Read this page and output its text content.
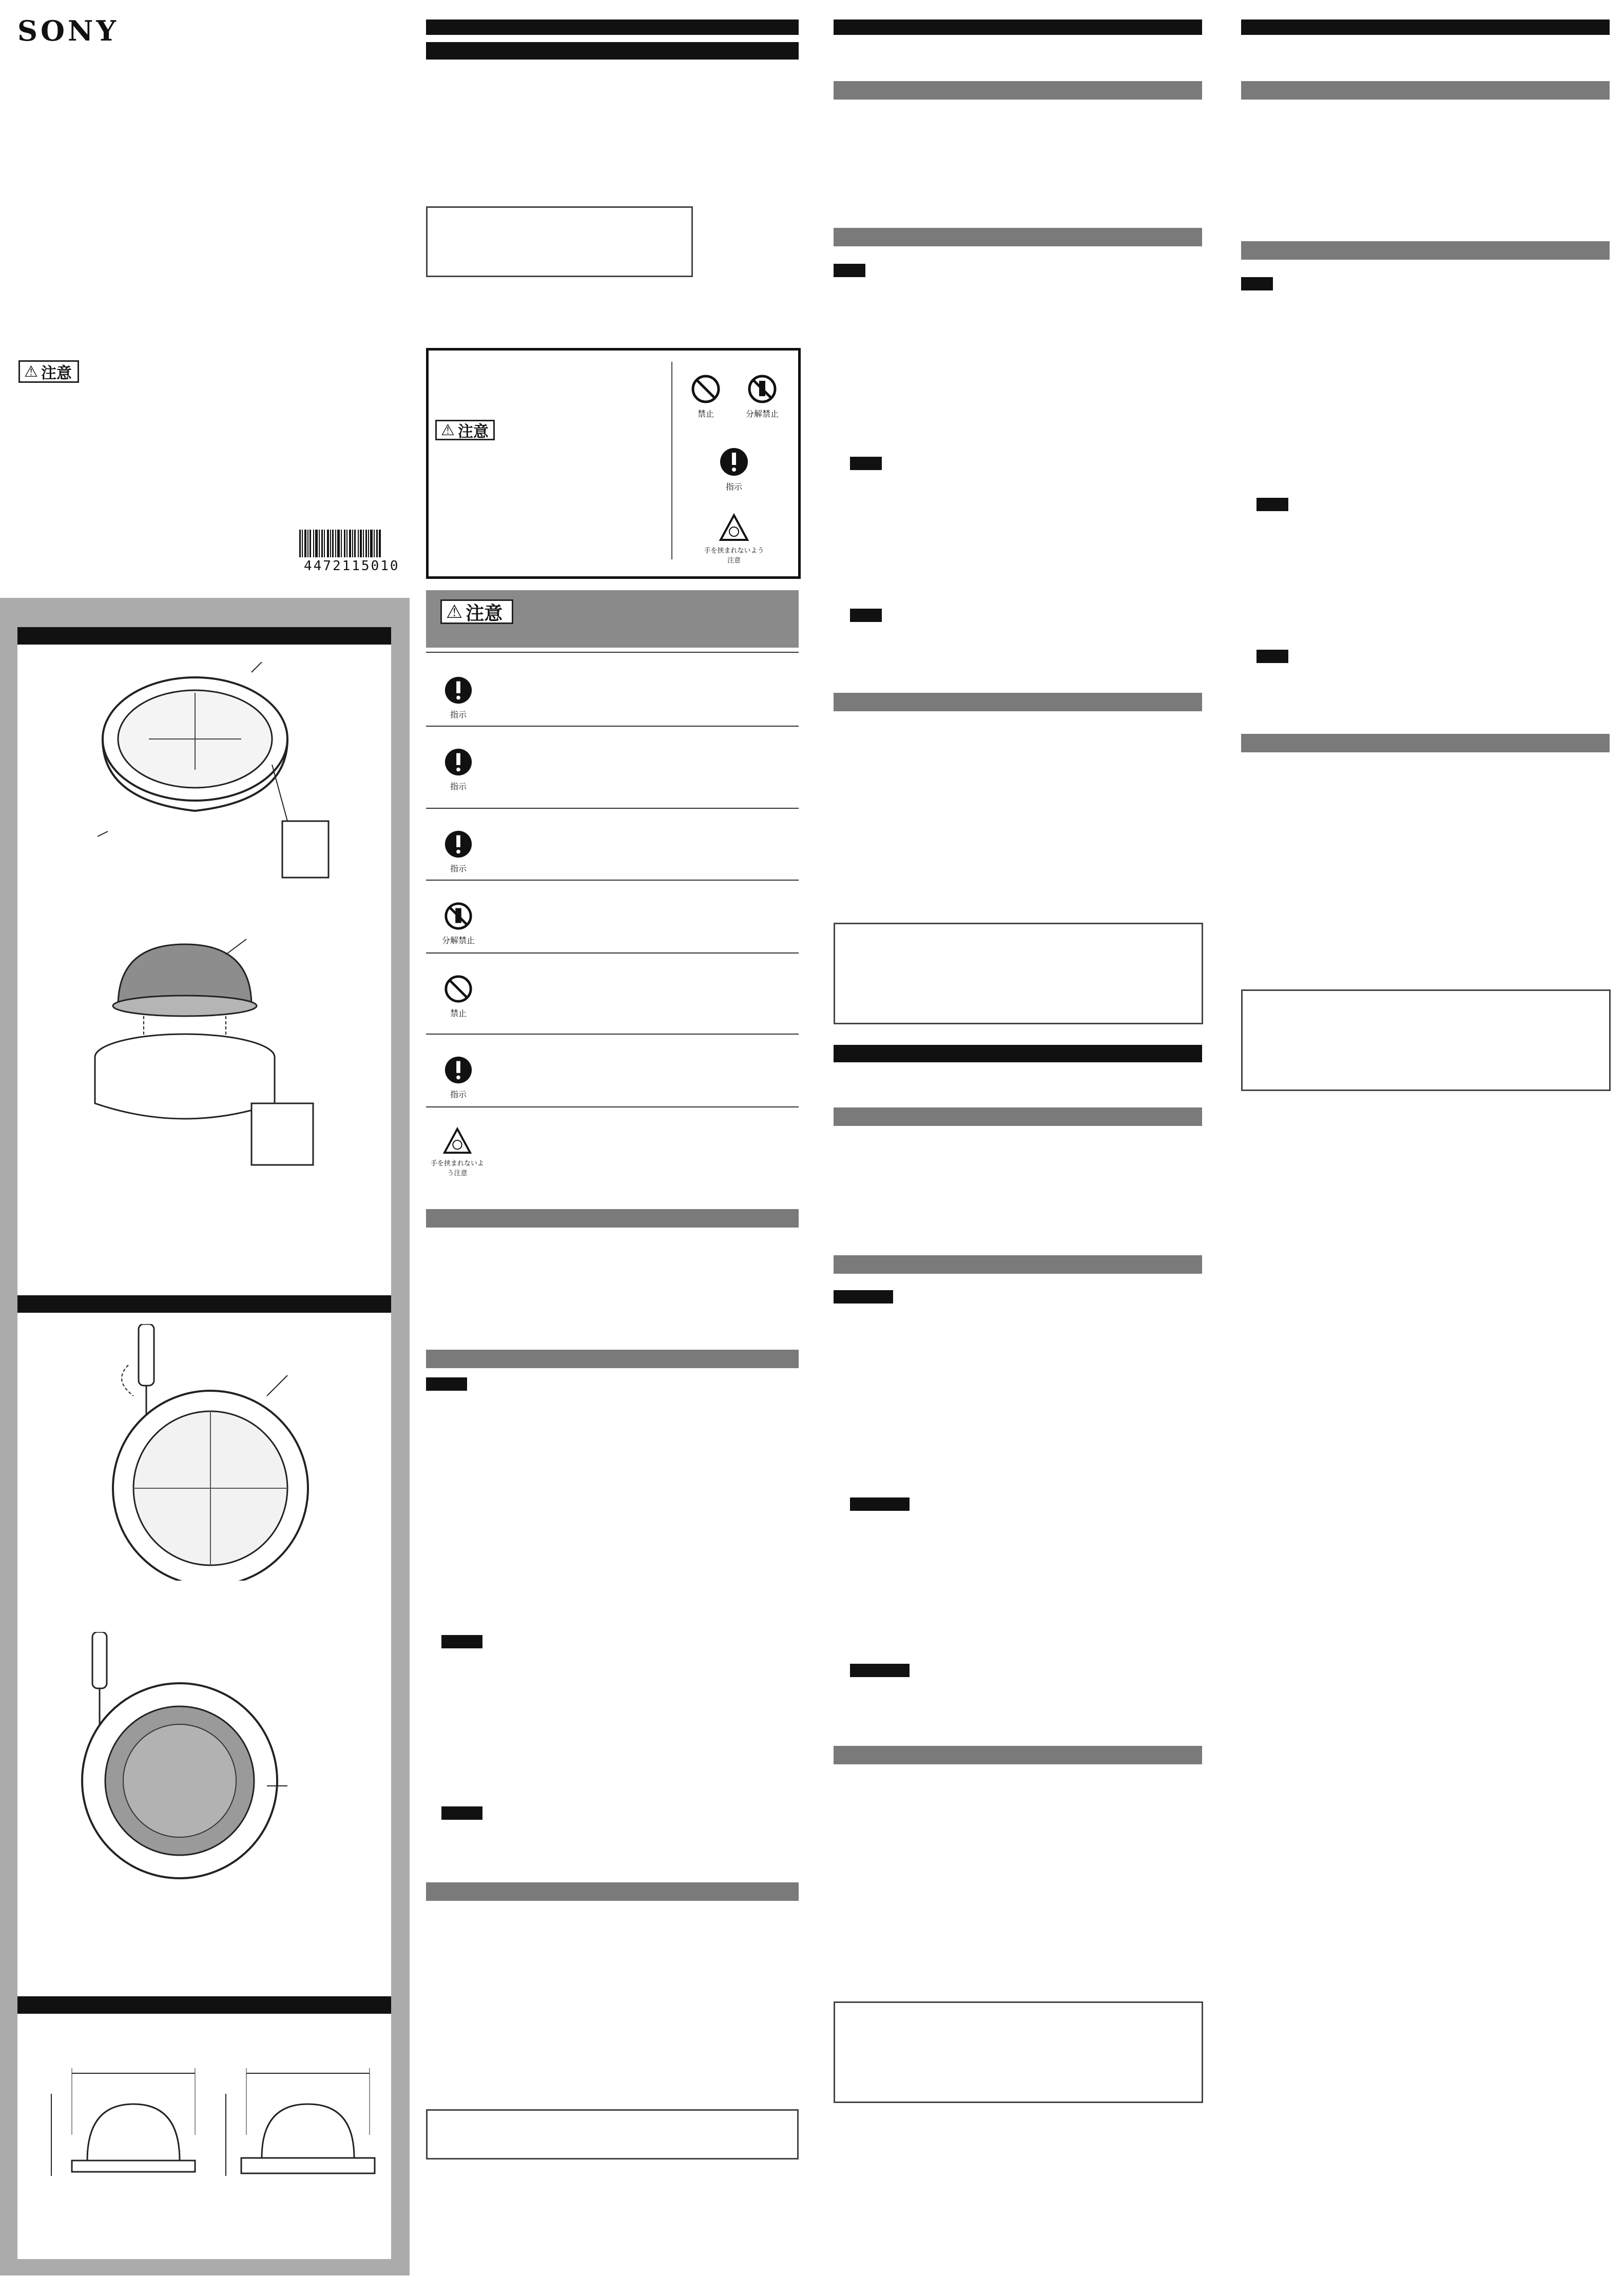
SONY
⚠ 注意
4472115010
⚠ 注意
禁止	分解禁止
指示
手を挟まれないよう注意
⚠ 注意
指示
指示
指示
分解禁止
禁止
指示
手を挟まれないよう注意
